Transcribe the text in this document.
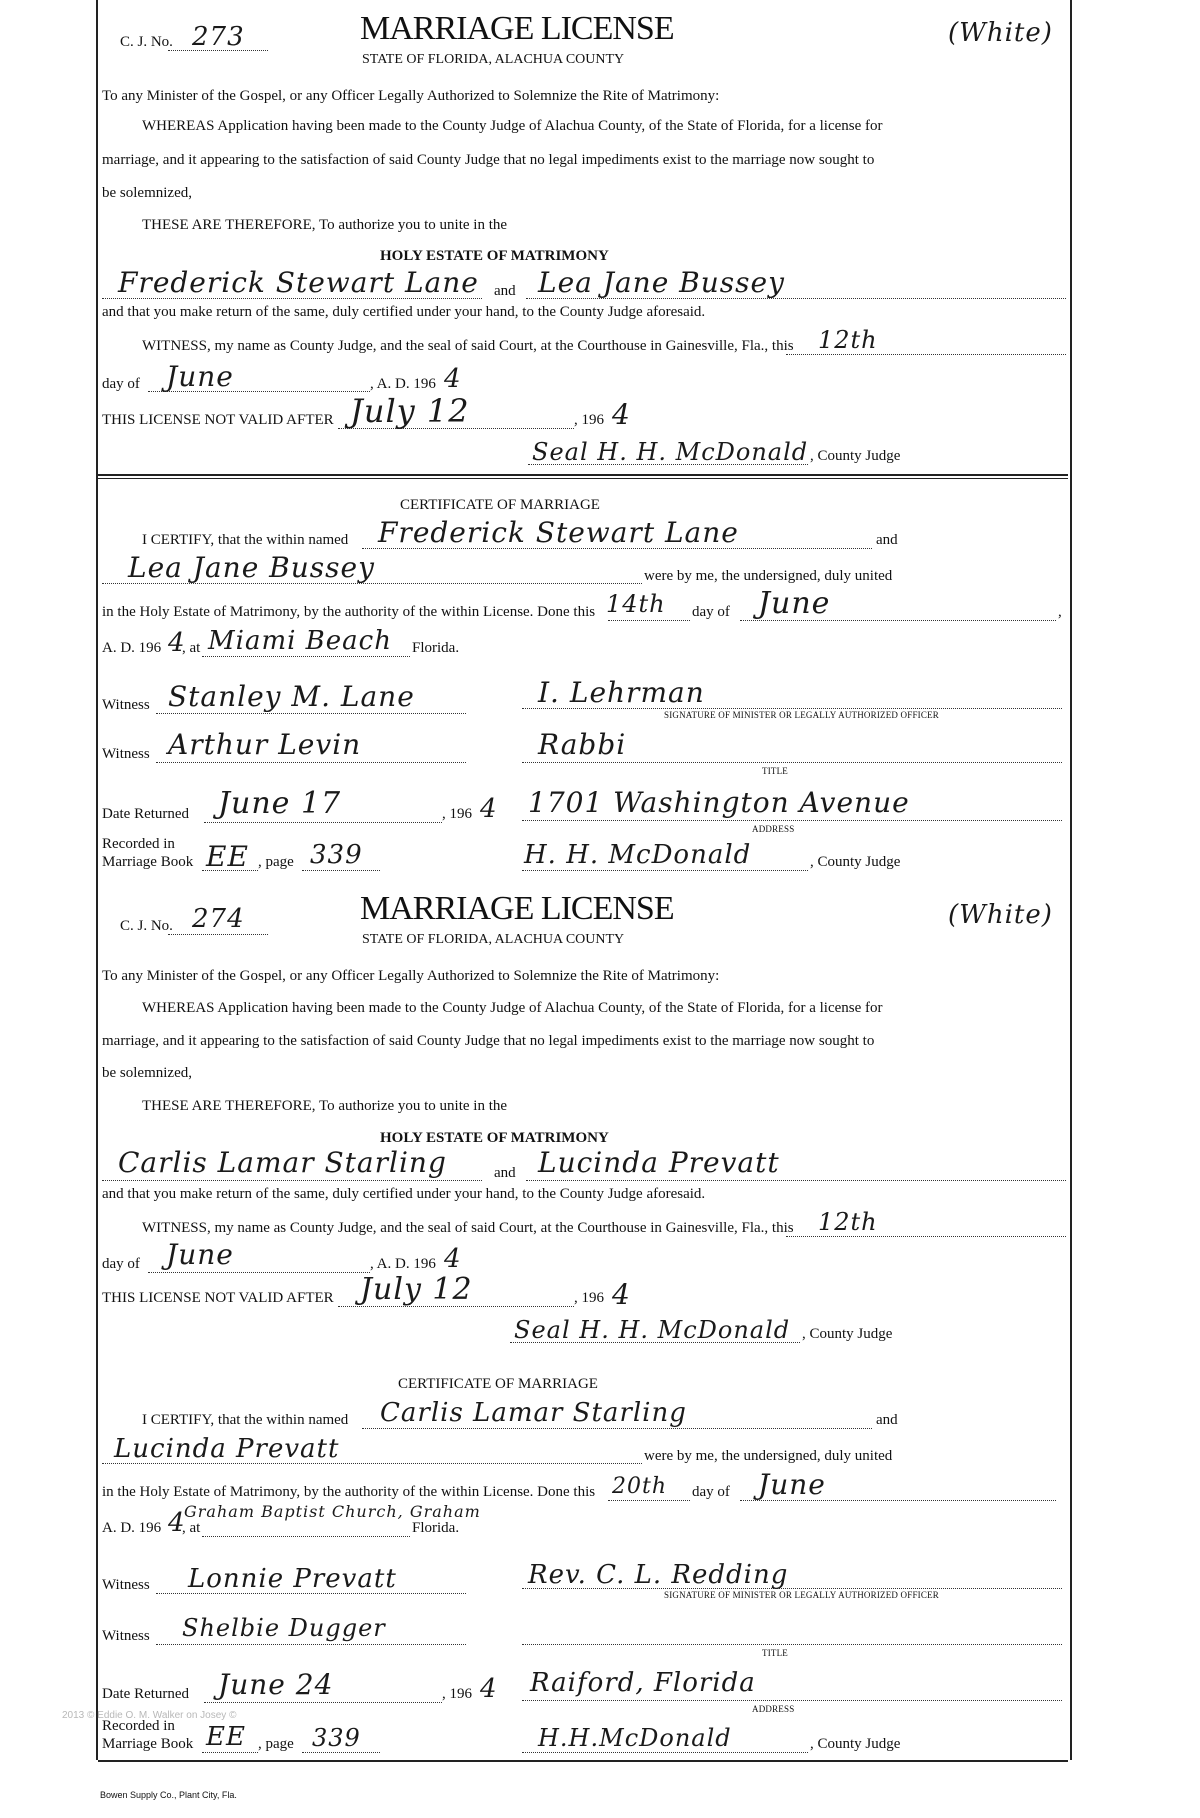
C. J. No. 273	MARRIAGE LICENSE
STATE OF FLORIDA, ALACHUA COUNTY
(White)
To any Minister of the Gospel, or any Officer Legally Authorized to Solemnize the Rite of Matrimony:
WHEREAS Application having been made to the County Judge of Alachua County, of the State of Florida, for a license for
marriage, and it appearing to the satisfaction of said County Judge that no legal impediments exist to the marriage now sought to
be solemnized,
THESE ARE THEREFORE, To authorize you to unite in the
HOLY ESTATE OF MATRIMONY
Frederick Stewart Lane and Lea Jane Bussey
and that you make return of the same, duly certified under your hand, to the County Judge aforesaid.
WITNESS, my name as County Judge, and the seal of said Court, at the Courthouse in Gainesville, Fla., this 12th
day of June	, A. D. 196 4
THIS LICENSE NOT VALID AFTER July 12	, 196 4
Seal H. H. McDonald , County Judge
CERTIFICATE OF MARRIAGE
I CERTIFY, that the within named Frederick Stewart Lane	and
Lea Jane Bussey	were by me, the undersigned, duly united
in the Holy Estate of Matrimony, by the authority of the within License. Done this 14th day of June	,
A. D. 196 4
, at Miami Beach Florida.
Witness Stanley M. Lane	I. Lehrman
SIGNATURE OF MINISTER OR LEGALLY AUTHORIZED OFFICER
Witness Arthur Levin	Rabbi
TITLE
Date Returned June 17	, 196 4 1701 Washington Avenue
ADDRESS
Recorded in
Marriage Book EE , page 339	H. H. McDonald	, County Judge
C. J. No. 274	MARRIAGE LICENSE
STATE OF FLORIDA, ALACHUA COUNTY
(White)
To any Minister of the Gospel, or any Officer Legally Authorized to Solemnize the Rite of Matrimony:
WHEREAS Application having been made to the County Judge of Alachua County, of the State of Florida, for a license for
marriage, and it appearing to the satisfaction of said County Judge that no legal impediments exist to the marriage now sought to
be solemnized,
THESE ARE THEREFORE, To authorize you to unite in the
HOLY ESTATE OF MATRIMONY
Carlis Lamar Starling	and Lucinda Prevatt
and that you make return of the same, duly certified under your hand, to the County Judge aforesaid.
WITNESS, my name as County Judge, and the seal of said Court, at the Courthouse in Gainesville, Fla., this 12th
day of June	, A. D. 196 4
THIS LICENSE NOT VALID AFTER July 12	, 196 4
Seal H. H. McDonald , County Judge
CERTIFICATE OF MARRIAGE
I CERTIFY, that the within named Carlis Lamar Starling	and
Lucinda Prevatt	were by me, the undersigned, duly united
in the Holy Estate of Matrimony, by the authority of the within License. Done this 20th day of June
Graham Baptist Church, Graham
A. D. 196 4
, at	Florida.
Witness Lonnie Prevatt	Rev. C. L. Redding
SIGNATURE OF MINISTER OR LEGALLY AUTHORIZED OFFICER
Witness Shelbie Dugger
TITLE
Date Returned June 24	, 196 4 Raiford, Florida
ADDRESS
Recorded in
Marriage Book EE , page 339	H.H.McDonald	, County Judge
Bowen Supply Co., Plant City, Fla.
2013 © Eddie O. M. Walker on Josey ©
